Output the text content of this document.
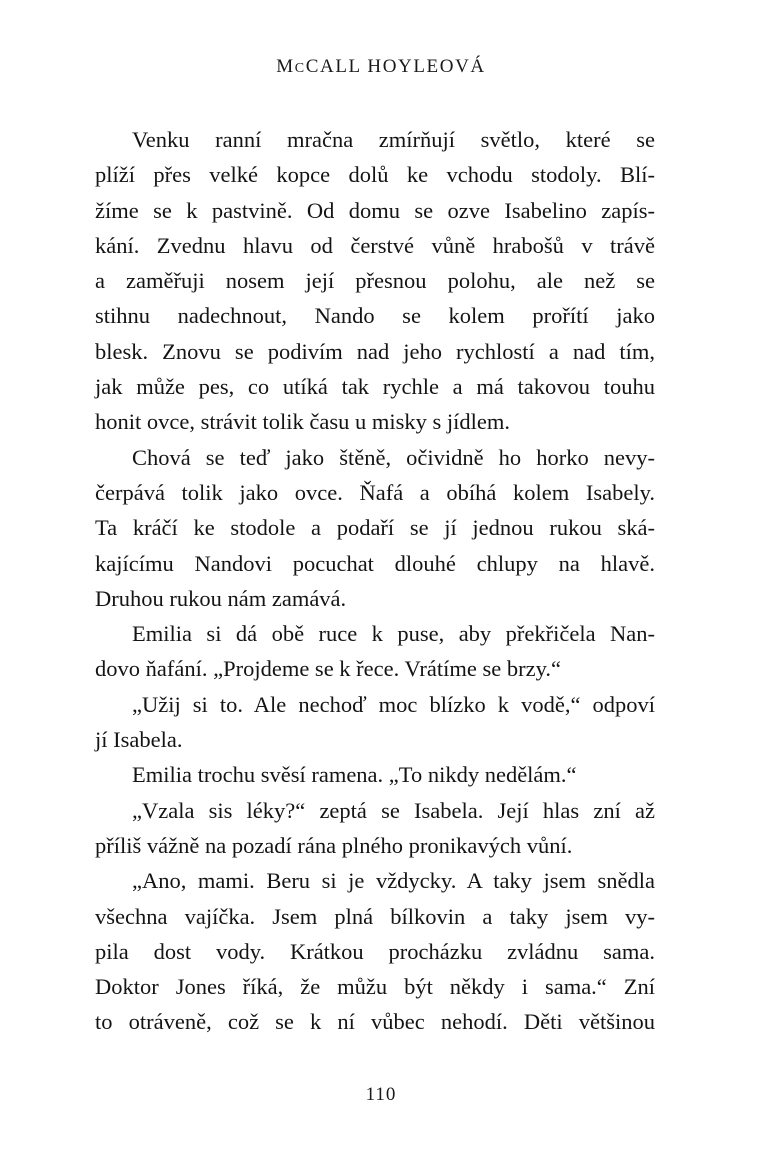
MCCALL HOYLEOVÁ
Venku ranní mračna zmírňují světlo, které se
plíží přes velké kopce dolů ke vchodu stodoly. Blí-
žíme se k pastvině. Od domu se ozve Isabelino zapís-
kání. Zvednu hlavu od čerstvé vůně hrabošů v trávě
a zaměřuji nosem její přesnou polohu, ale než se
stihnu nadechnout, Nando se kolem prořítí jako
blesk. Znovu se podivím nad jeho rychlostí a nad tím,
jak může pes, co utíká tak rychle a má takovou touhu
honit ovce, strávit tolik času u misky s jídlem.
Chová se teď jako štěně, očividně ho horko nevy-
čerpává tolik jako ovce. Ňafá a obíhá kolem Isabely.
Ta kráčí ke stodole a podaří se jí jednou rukou ská-
kajícímu Nandovi pocuchat dlouhé chlupy na hlavě.
Druhou rukou nám zamává.
Emilia si dá obě ruce k puse, aby překřičela Nan-
dovo ňafání. „Projdeme se k řece. Vrátíme se brzy.“
„Užij si to. Ale nechoď moc blízko k vodě,“ odpoví
jí Isabela.
Emilia trochu svěsí ramena. „To nikdy nedělám.“
„Vzala sis léky?“ zeptá se Isabela. Její hlas zní až
příliš vážně na pozadí rána plného pronikavých vůní.
„Ano, mami. Beru si je vždycky. A taky jsem snědla
všechna vajíčka. Jsem plná bílkovin a taky jsem vy-
pila dost vody. Krátkou procházku zvládnu sama.
Doktor Jones říká, že můžu být někdy i sama.“ Zní
to otráveně, což se k ní vůbec nehodí. Děti většinou
110
